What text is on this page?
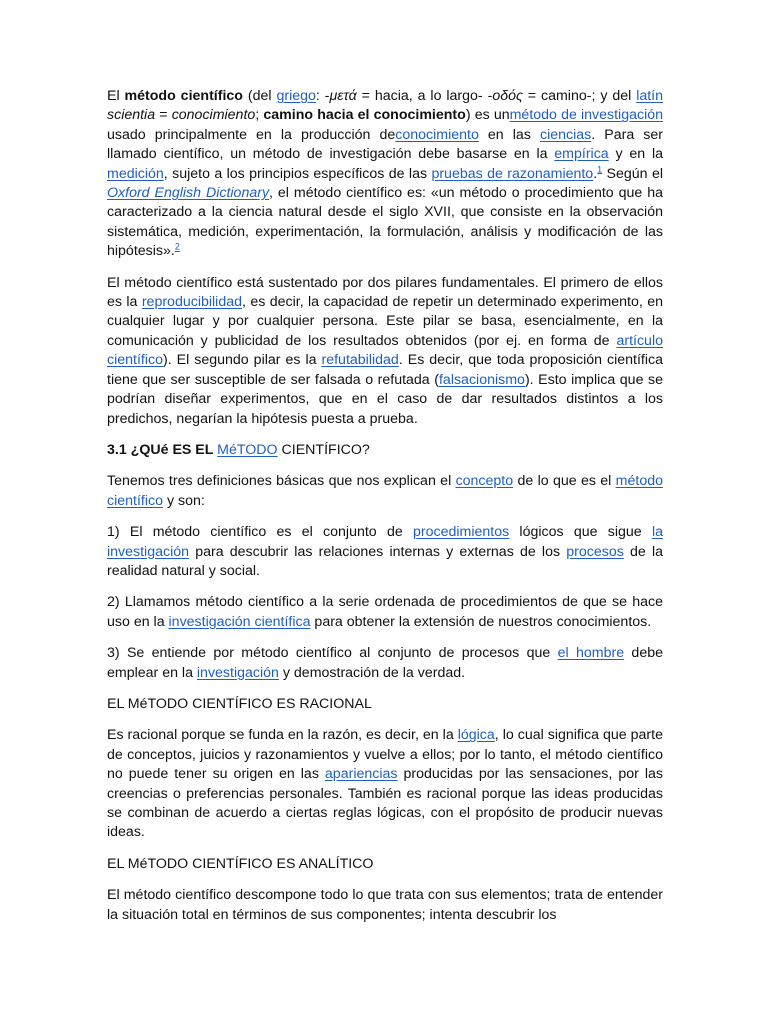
El método científico (del griego: -μετά = hacia, a lo largo- -οδός = camino-; y del latín scientia = conocimiento; camino hacia el conocimiento) es unmétodo de investigación usado principalmente en la producción deconocimiento en las ciencias. Para ser llamado científico, un método de investigación debe basarse en la empírica y en la medición, sujeto a los principios específicos de las pruebas de razonamiento.$^1$ Según el Oxford English Dictionary, el método científico es: «un método o procedimiento que ha caracterizado a la ciencia natural desde el siglo XVII, que consiste en la observación sistemática, medición, experimentación, la formulación, análisis y modificación de las hipótesis».$^2$

El método científico está sustentado por dos pilares fundamentales. El primero de ellos es la reproducibilidad, es decir, la capacidad de repetir un determinado experimento, en cualquier lugar y por cualquier persona. Este pilar se basa, esencialmente, en la comunicación y publicidad de los resultados obtenidos (por ej. en forma de artículo científico). El segundo pilar es la refutabilidad. Es decir, que toda proposición científica tiene que ser susceptible de ser falsada o refutada (falsacionismo). Esto implica que se podrían diseñar experimentos, que en el caso de dar resultados distintos a los predichos, negarían la hipótesis puesta a prueba.

3.1 ¿QUé ES EL MéTODO CIENTÍFICO?

Tenemos tres definiciones básicas que nos explican el concepto de lo que es el método científico y son:

1) El método científico es el conjunto de procedimientos lógicos que sigue la investigación para descubrir las relaciones internas y externas de los procesos de la realidad natural y social.

2) Llamamos método científico a la serie ordenada de procedimientos de que se hace uso en la investigación científica para obtener la extensión de nuestros conocimientos.

3) Se entiende por método científico al conjunto de procesos que el hombre debe emplear en la investigación y demostración de la verdad.

EL MéTODO CIENTÍFICO ES RACIONAL

Es racional porque se funda en la razón, es decir, en la lógica, lo cual significa que parte de conceptos, juicios y razonamientos y vuelve a ellos; por lo tanto, el método científico no puede tener su origen en las apariencias producidas por las sensaciones, por las creencias o preferencias personales. También es racional porque las ideas producidas se combinan de acuerdo a ciertas reglas lógicas, con el propósito de producir nuevas ideas.

EL MéTODO CIENTÍFICO ES ANALÍTICO

El método científico descompone todo lo que trata con sus elementos; trata de entender la situación total en términos de sus componentes; intenta descubrir los
